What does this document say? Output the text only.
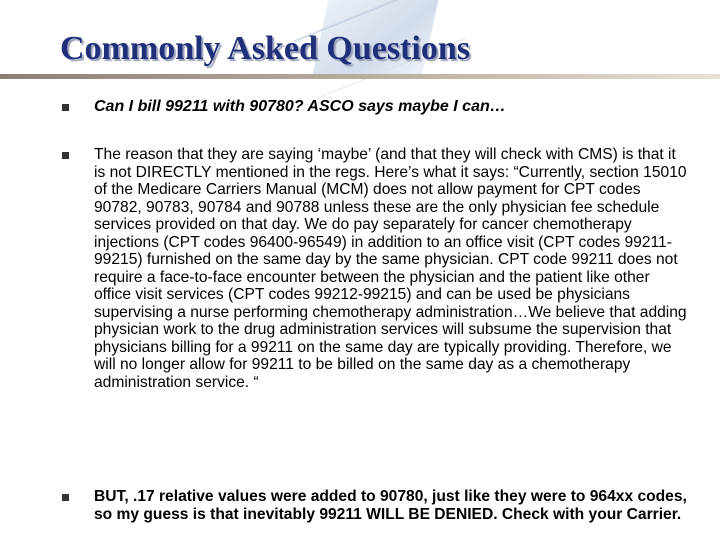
Commonly Asked Questions
Can I bill 99211 with 90780? ASCO says maybe I can…
The reason that they are saying ‘maybe’ (and that they will check with CMS) is that it is not DIRECTLY mentioned in the regs. Here’s what it says: “Currently, section 15010 of the Medicare Carriers Manual (MCM) does not allow payment for CPT codes 90782, 90783, 90784 and 90788 unless these are the only physician fee schedule services provided on that day. We do pay separately for cancer chemotherapy injections (CPT codes 96400-96549) in addition to an office visit (CPT codes 99211-99215) furnished on the same day by the same physician. CPT code 99211 does not require a face-to-face encounter between the physician and the patient like other office visit services (CPT codes 99212-99215) and can be used be physicians supervising a nurse performing chemotherapy administration…We believe that adding physician work to the drug administration services will subsume the supervision that physicians billing for a 99211 on the same day are typically providing. Therefore, we will no longer allow for 99211 to be billed on the same day as a chemotherapy administration service. “
BUT, .17 relative values were added to 90780, just like they were to 964xx codes, so my guess is that inevitably 99211 WILL BE DENIED. Check with your Carrier.
